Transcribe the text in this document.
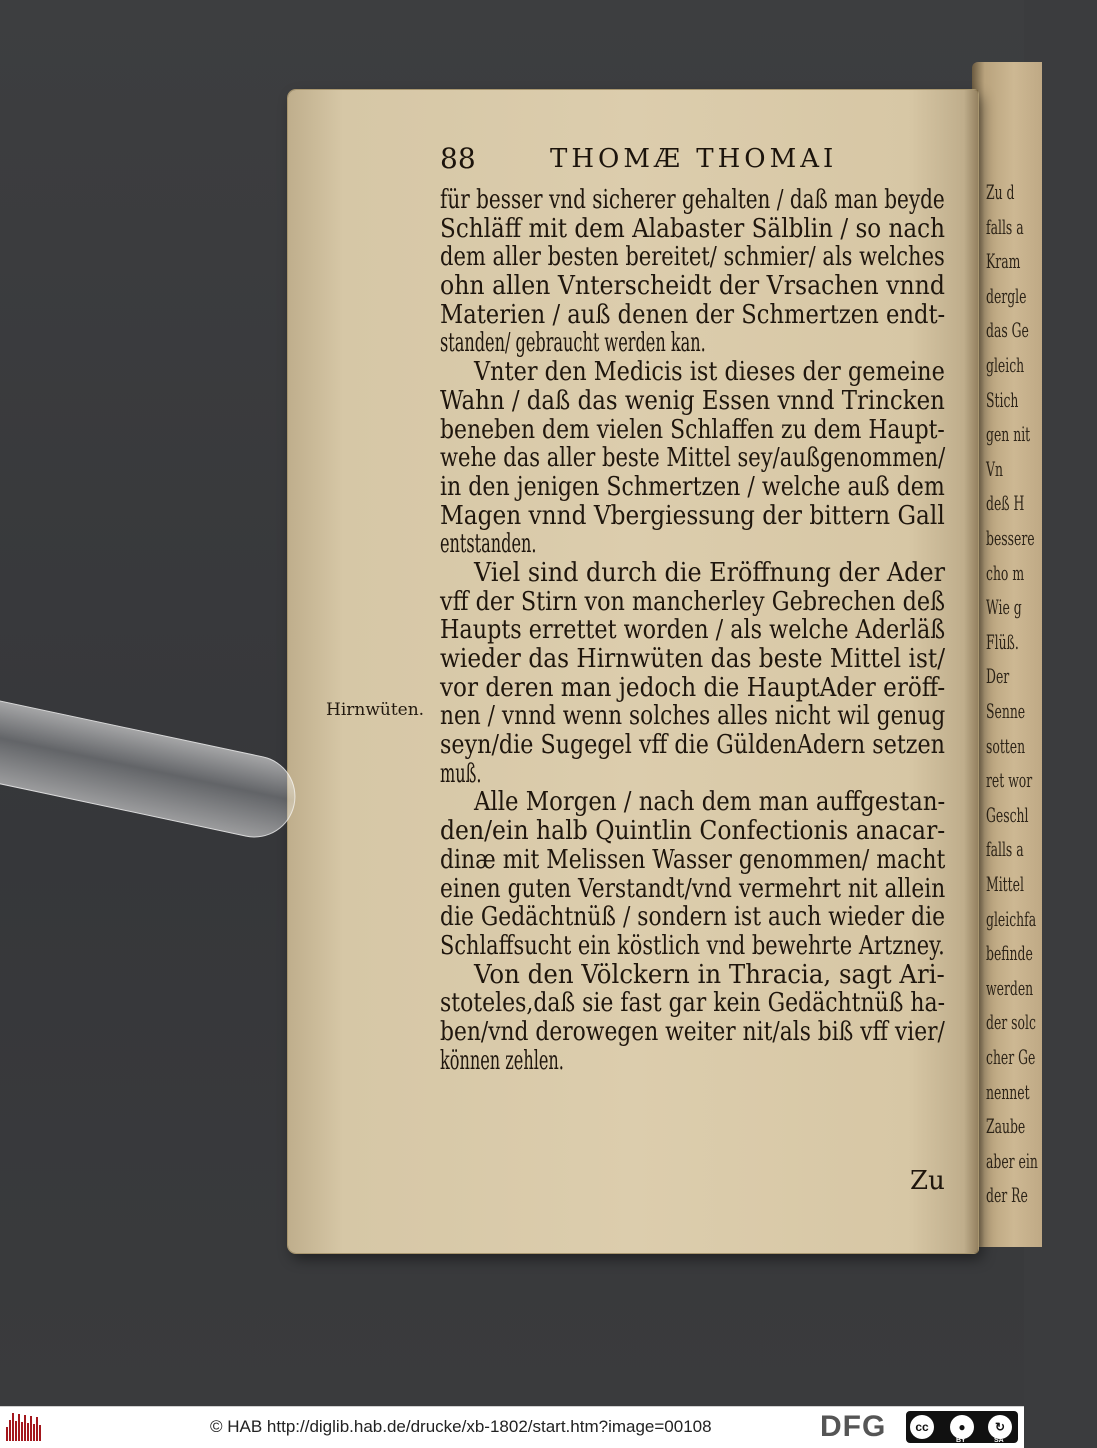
Zu d
falls a
Kram
dergle
das Ge
gleich
Stich
gen nit
Vn
deß H
bessere
cho m
Wie g
Flüß.
Der
Senne
sotten
ret wor
Geschl
falls a
Mittel
gleichfa
befinde
werden
der solc
cher Ge
nennet
Zaube
aber ein
der Re
88	THOMÆ THOMAI
für besser vnd sicherer gehalten / daß man beyde
Schläff mit dem Alabaster Sälblin / so nach
dem aller besten bereitet/ schmier/ als welches
ohn allen Vnterscheidt der Vrsachen vnnd
Materien / auß denen der Schmertzen endt-
standen/ gebraucht werden kan.
Vnter den Medicis ist dieses der gemeine
Wahn / daß das wenig Essen vnnd Trincken
beneben dem vielen Schlaffen zu dem Haupt-
wehe das aller beste Mittel sey/außgenommen/
in den jenigen Schmertzen / welche auß dem
Magen vnnd Vbergiessung der bittern Gall
entstanden.
Viel sind durch die Eröffnung der Ader
vff der Stirn von mancherley Gebrechen deß
Haupts errettet worden / als welche Aderläß
wieder das Hirnwüten das beste Mittel ist/
vor deren man jedoch die HauptAder eröff-
nen / vnnd wenn solches alles nicht wil genug
seyn/die Sugegel vff die GüldenAdern setzen
muß.
Alle Morgen / nach dem man auffgestan-
den/ein halb Quintlin Confectionis anacar-
dinæ mit Melissen Wasser genommen/ macht
einen guten Verstandt/vnd vermehrt nit allein
die Gedächtnüß / sondern ist auch wieder die
Schlaffsucht ein köstlich vnd bewehrte Artzney.
Von den Völckern in Thracia, sagt Ari-
stoteles,daß sie fast gar kein Gedächtnüß ha-
ben/vnd derowegen weiter nit/als biß vff vier/
können zehlen.
Hirnwüten.
Zu
© HAB http://diglib.hab.de/drucke/xb-1802/start.htm?image=00108	DFG	cc	●	↻
BY	SA
